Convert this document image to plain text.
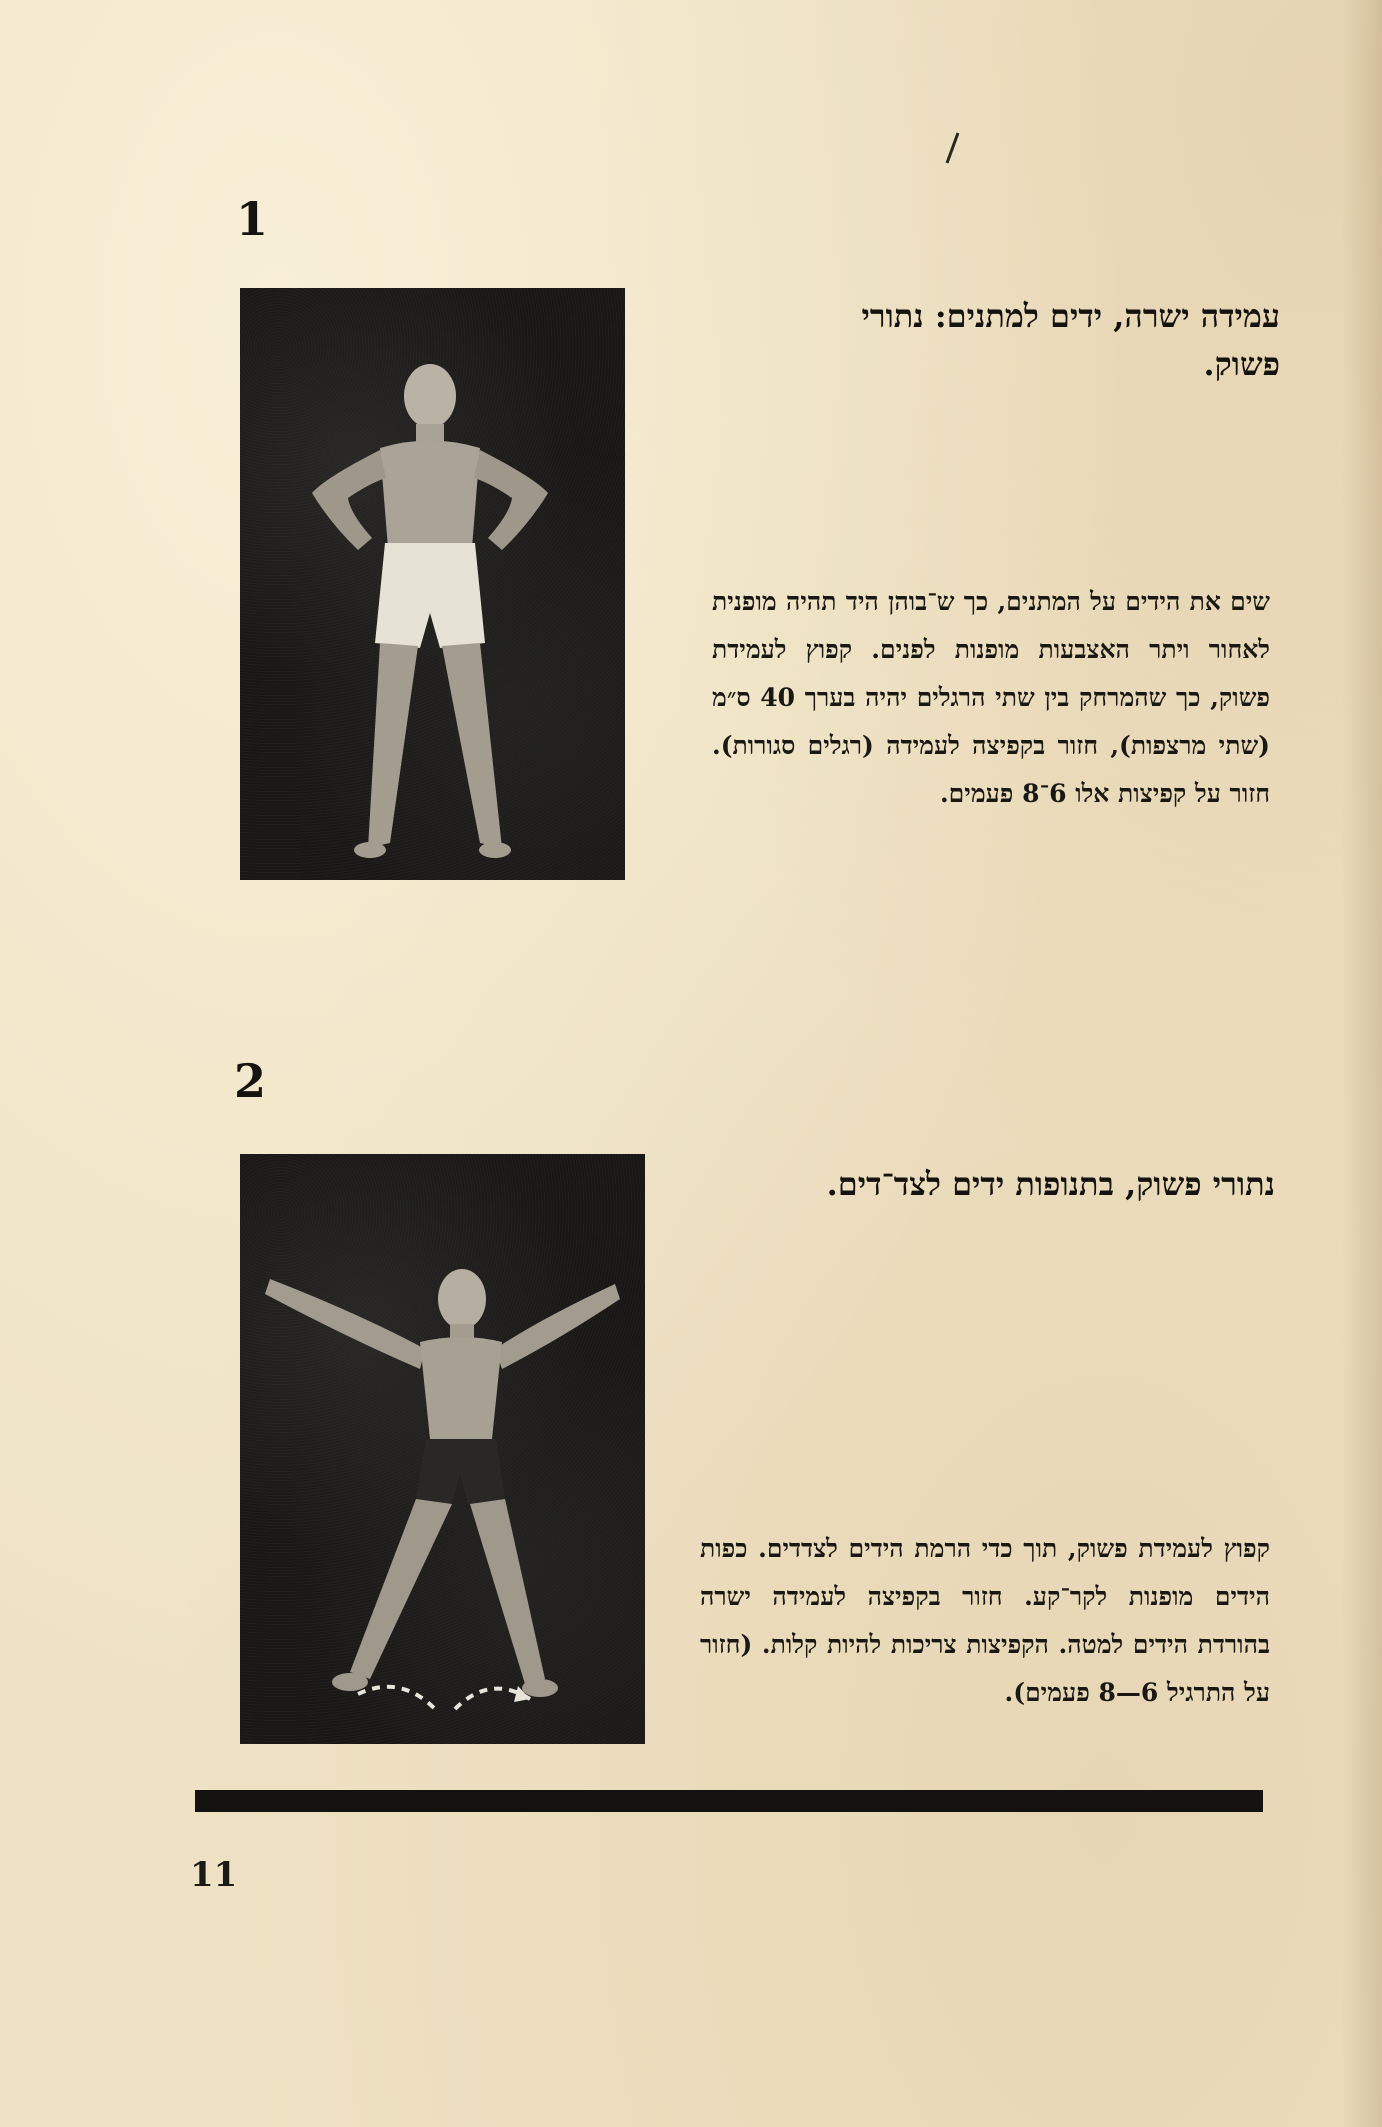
1
עמידה ישרה, ידים למתנים: נתורי פשוק.
שים את הידים על המתנים, כך ש־בוהן היד תהיה מופנית לאחור ויתר האצבעות מופנות לפנים. קפוץ לעמידת פשוק, כך שהמרחק בין שתי הרגלים יהיה בערך 40 ס״מ (שתי מרצפות), חזור בקפיצה לעמידה (רגלים סגורות). חזור על קפיצות אלו 6־8 פעמים.
2
נתורי פשוק, בתנופות ידים לצד־דים.
קפוץ לעמידת פשוק, תוך כדי הרמת הידים לצדדים. כפות הידים מופנות לקר־קע. חזור בקפיצה לעמידה ישרה בהורדת הידים למטה. הקפיצות צריכות להיות קלות. (חזור על התרגיל 6—8 פעמים).
11
